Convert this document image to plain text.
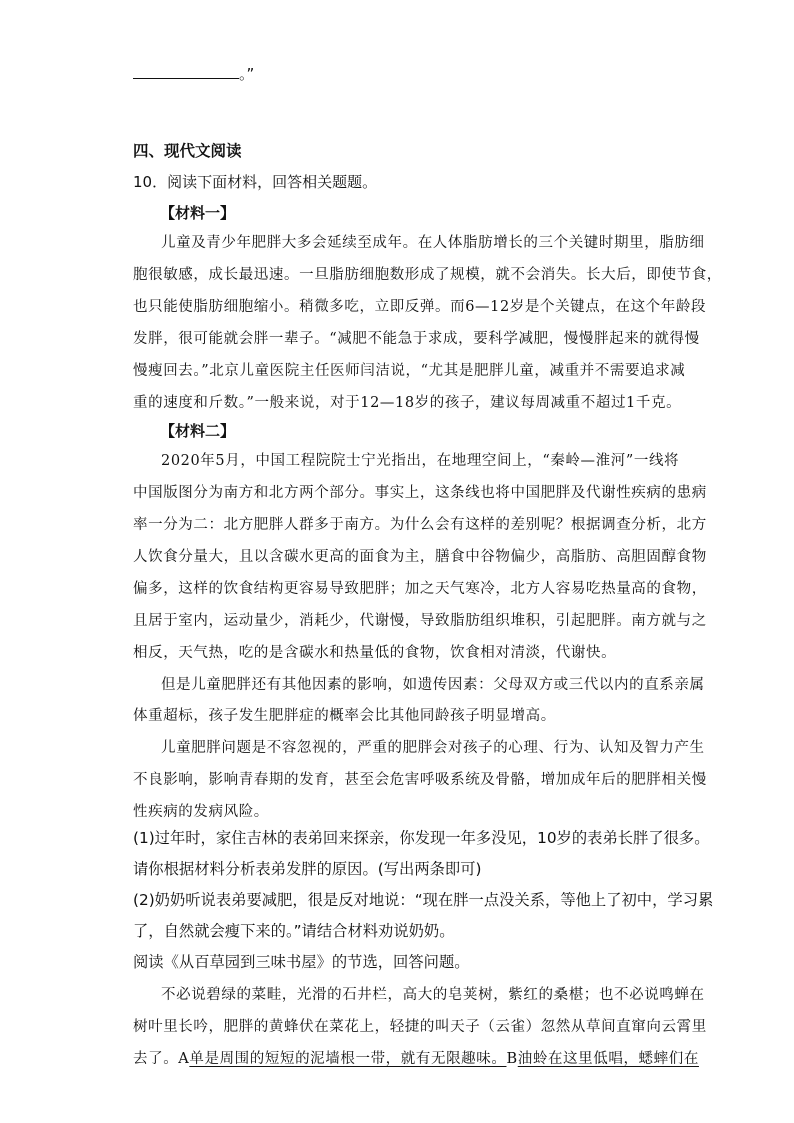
。”
四、现代文阅读
10．阅读下面材料，回答相关题题。
【材料一】
儿童及青少年肥胖大多会延续至成年。在人体脂肪增长的三个关键时期里，脂肪细
胞很敏感，成长最迅速。一旦脂肪细胞数形成了规模，就不会消失。长大后，即使节食，
也只能使脂肪细胞缩小。稍微多吃，立即反弹。而6—12岁是个关键点，在这个年龄段
发胖，很可能就会胖一辈子。“减肥不能急于求成，要科学减肥，慢慢胖起来的就得慢
慢瘦回去。”北京儿童医院主任医师闫洁说，“尤其是肥胖儿童，减重并不需要追求减
重的速度和斤数。”一般来说，对于12—18岁的孩子，建议每周减重不超过1千克。
【材料二】
2020年5月，中国工程院院士宁光指出，在地理空间上，“秦岭—淮河”一线将
中国版图分为南方和北方两个部分。事实上，这条线也将中国肥胖及代谢性疾病的患病
率一分为二：北方肥胖人群多于南方。为什么会有这样的差别呢？根据调查分析，北方
人饮食分量大，且以含碳水更高的面食为主，膳食中谷物偏少，高脂肪、高胆固醇食物
偏多，这样的饮食结构更容易导致肥胖；加之天气寒冷，北方人容易吃热量高的食物，
且居于室内，运动量少，消耗少，代谢慢，导致脂肪组织堆积，引起肥胖。南方就与之
相反，天气热，吃的是含碳水和热量低的食物，饮食相对清淡，代谢快。
但是儿童肥胖还有其他因素的影响，如遗传因素：父母双方或三代以内的直系亲属
体重超标，孩子发生肥胖症的概率会比其他同龄孩子明显增高。
儿童肥胖问题是不容忽视的，严重的肥胖会对孩子的心理、行为、认知及智力产生
不良影响，影响青春期的发育，甚至会危害呼吸系统及骨骼，增加成年后的肥胖相关慢
性疾病的发病风险。
(1)过年时，家住吉林的表弟回来探亲，你发现一年多没见，10岁的表弟长胖了很多。
请你根据材料分析表弟发胖的原因。(写出两条即可)
(2)奶奶听说表弟要减肥，很是反对地说：“现在胖一点没关系，等他上了初中，学习累
了，自然就会瘦下来的。”请结合材料劝说奶奶。
阅读《从百草园到三味书屋》的节选，回答问题。
不必说碧绿的菜畦，光滑的石井栏，高大的皂荚树，紫红的桑椹；也不必说鸣蝉在
树叶里长吟，肥胖的黄蜂伏在菜花上，轻捷的叫天子（云雀）忽然从草间直窜向云霄里
去了。A单是周围的短短的泥墙根一带，就有无限趣味。B油蛉在这里低唱，蟋蟀们在
